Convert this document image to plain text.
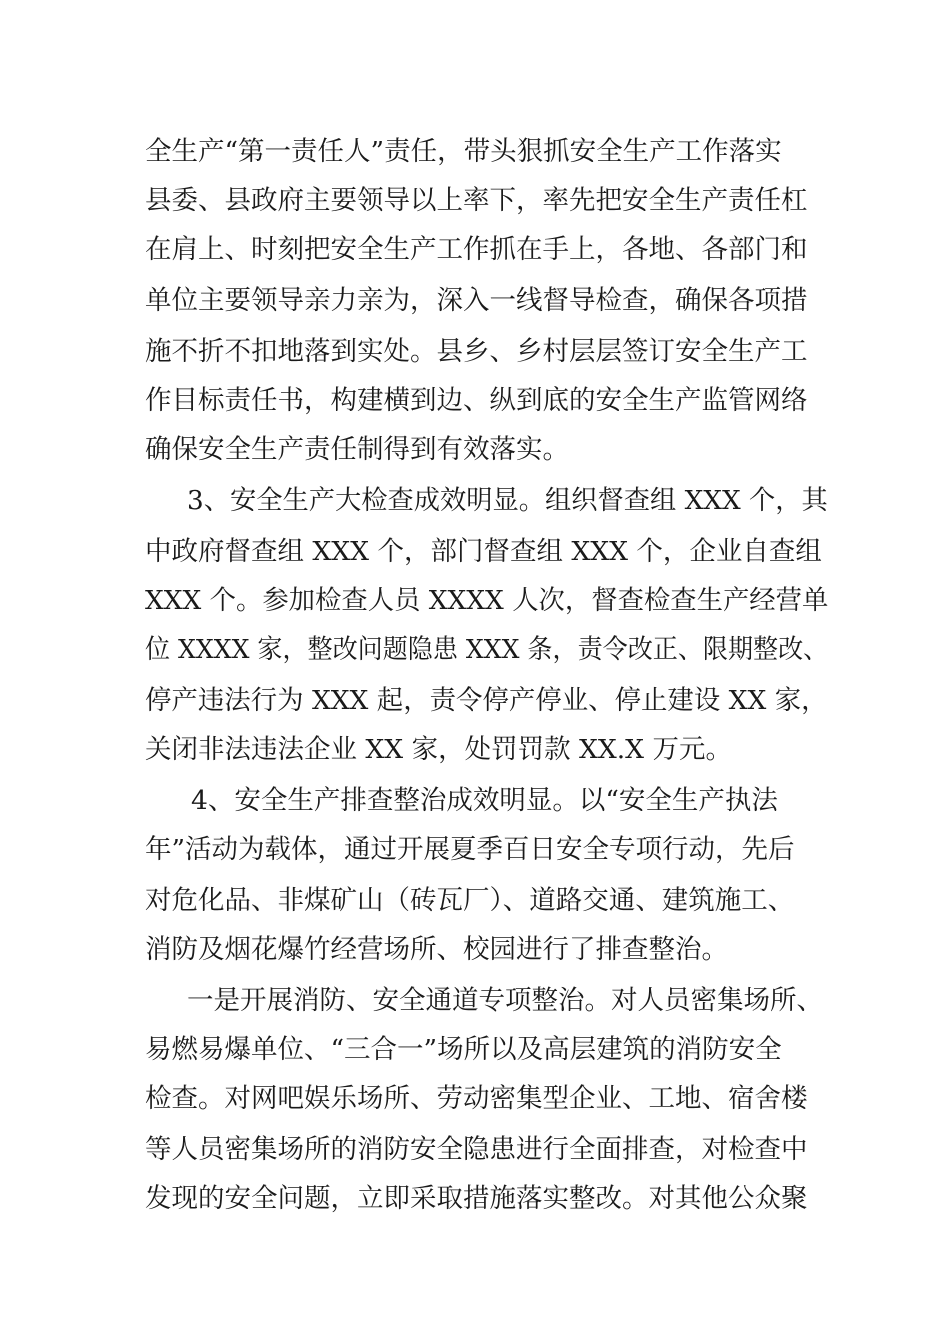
全生产“第一责任人”责任，带头狠抓安全生产工作落实
县委、县政府主要领导以上率下，率先把安全生产责任杠
在肩上、时刻把安全生产工作抓在手上，各地、各部门和
单位主要领导亲力亲为，深入一线督导检查，确保各项措
施不折不扣地落到实处。县乡、乡村层层签订安全生产工
作目标责任书，构建横到边、纵到底的安全生产监管网络
确保安全生产责任制得到有效落实。
3、安全生产大检查成效明显。组织督查组 XXX 个，其
中政府督查组 XXX 个，部门督查组 XXX 个，企业自查组
XXX 个。参加检查人员 XXXX 人次，督查检查生产经营单
位 XXXX 家，整改问题隐患 XXX 条，责令改正、限期整改、
停产违法行为 XXX 起，责令停产停业、停止建设 XX 家，
关闭非法违法企业 XX 家，处罚罚款 XX.X 万元。
4、安全生产排查整治成效明显。以“安全生产执法
年”活动为载体，通过开展夏季百日安全专项行动，先后
对危化品、非煤矿山（砖瓦厂）、道路交通、建筑施工、
消防及烟花爆竹经营场所、校园进行了排查整治。
一是开展消防、安全通道专项整治。对人员密集场所、
易燃易爆单位、“三合一”场所以及高层建筑的消防安全
检查。对网吧娱乐场所、劳动密集型企业、工地、宿舍楼
等人员密集场所的消防安全隐患进行全面排查，对检查中
发现的安全问题，立即采取措施落实整改。对其他公众聚
